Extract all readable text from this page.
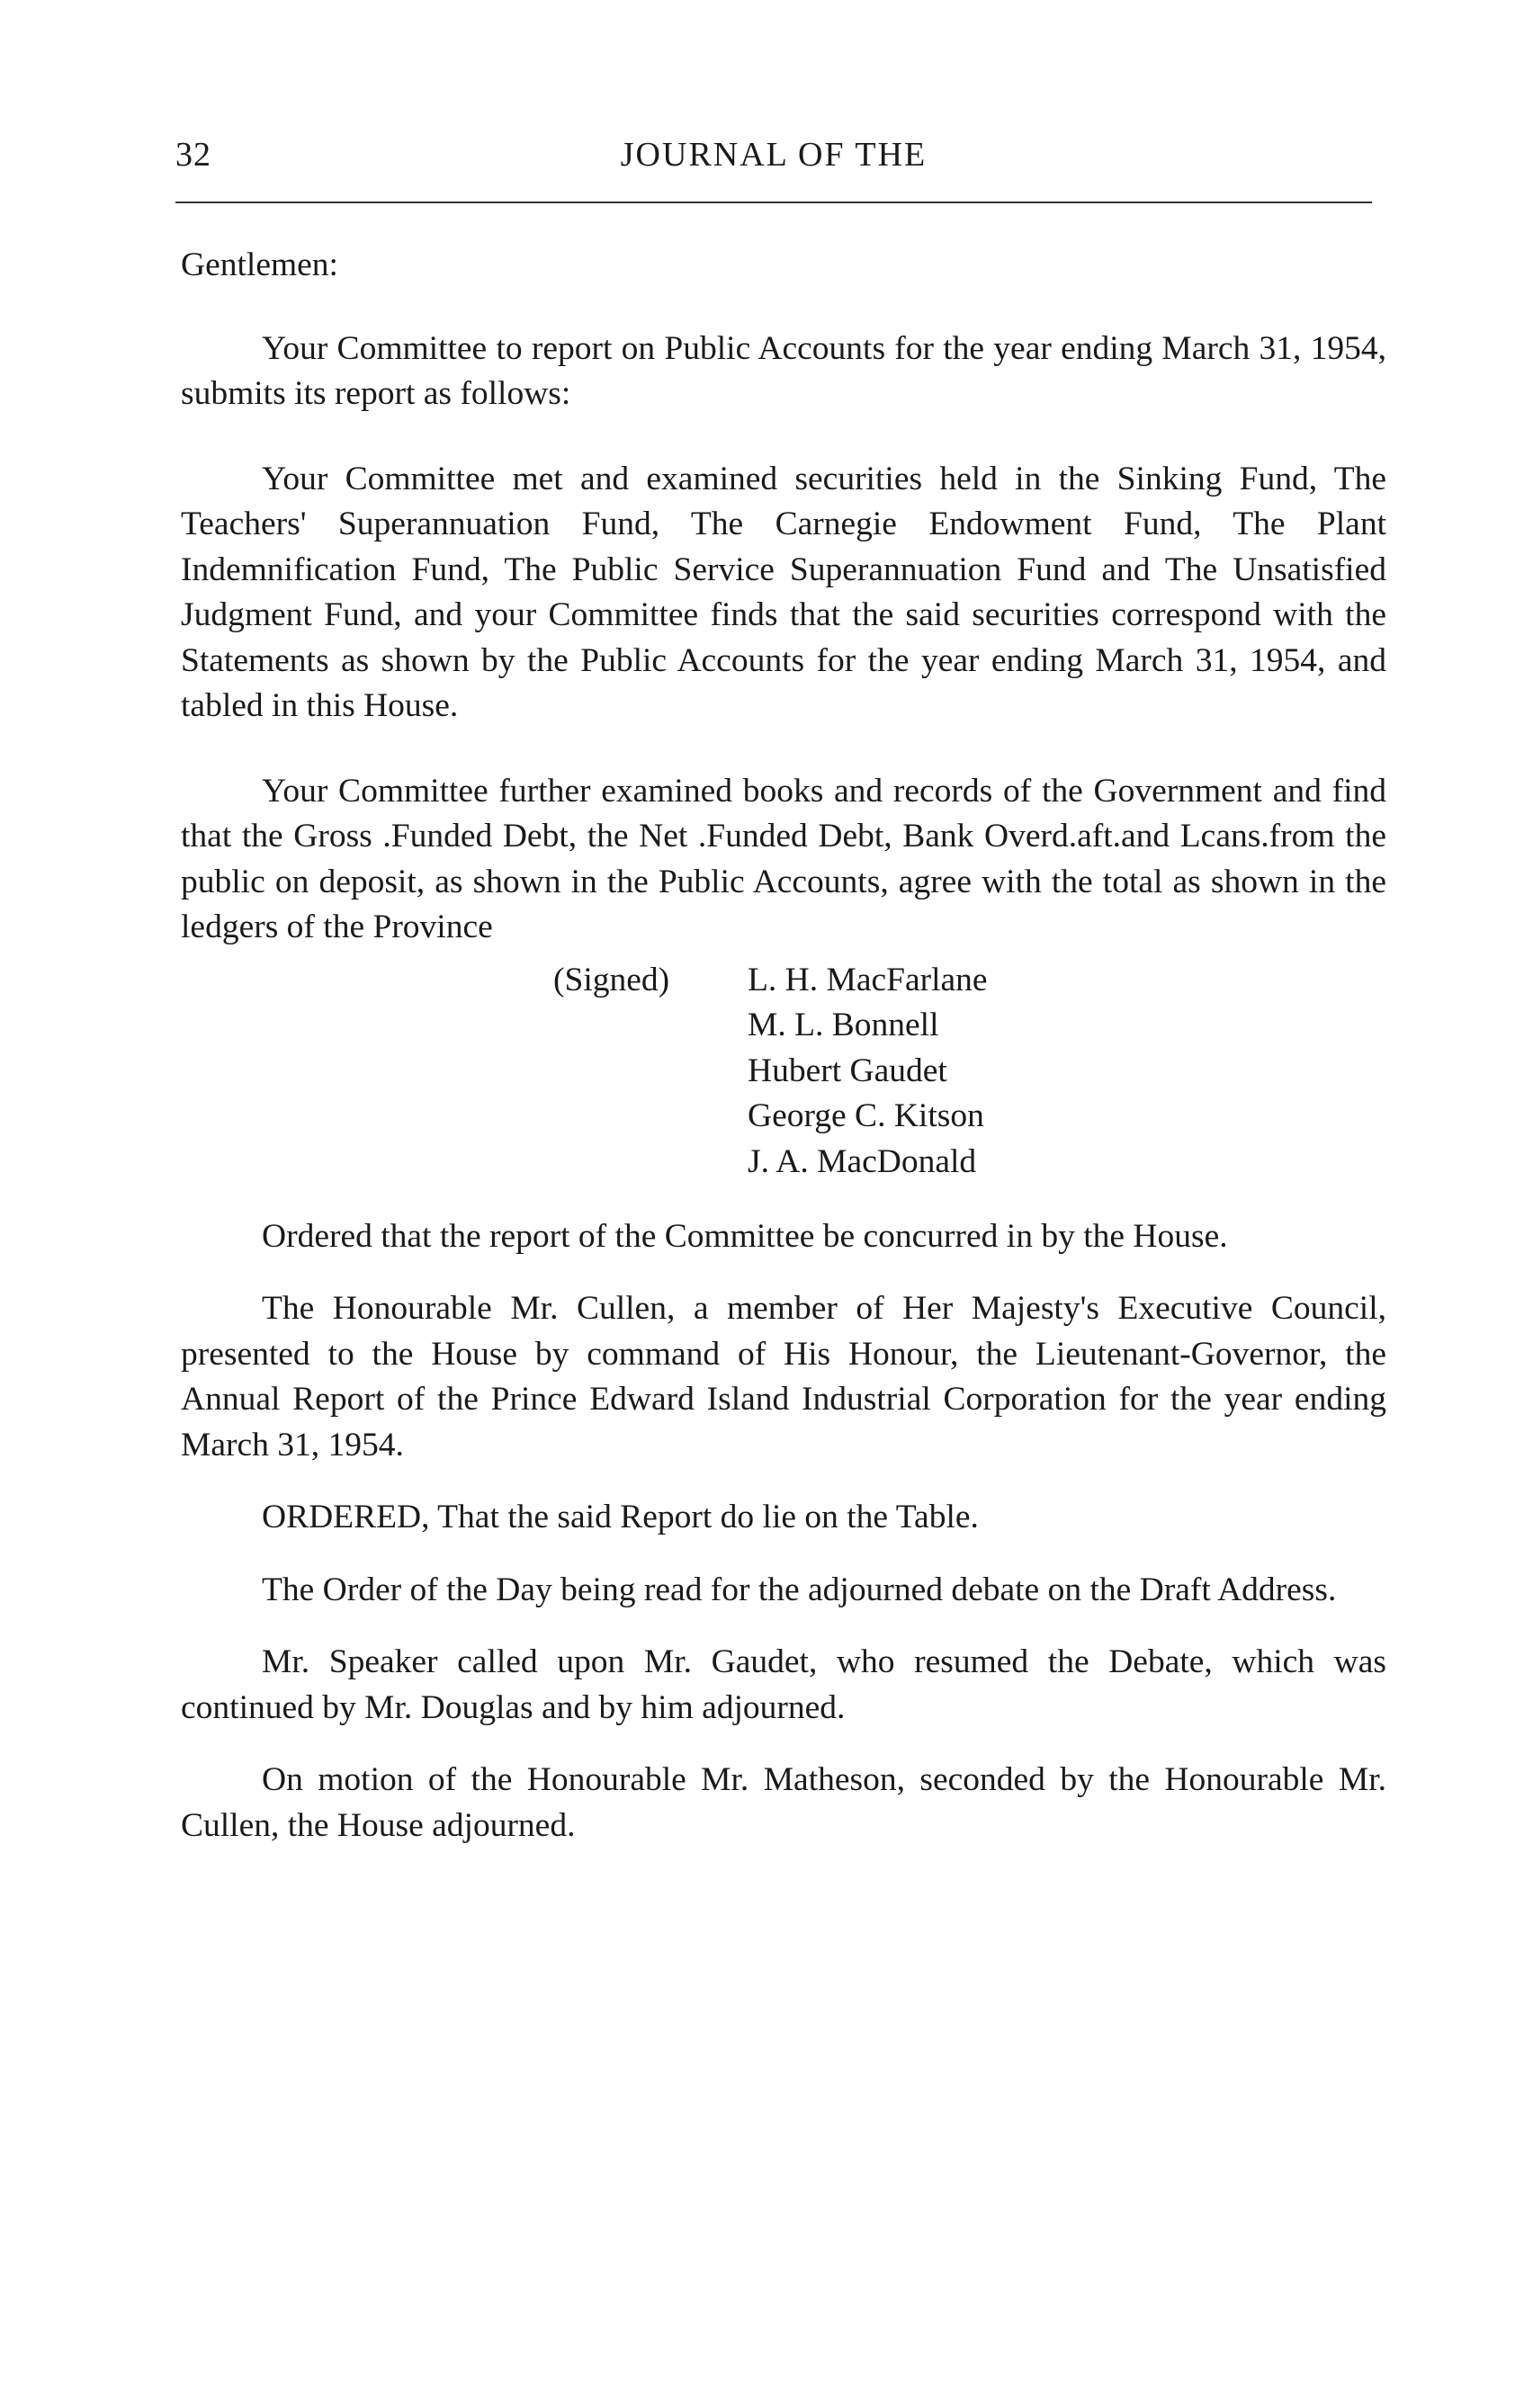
32	JOURNAL OF THE

Gentlemen:

Your Committee to report on Public Accounts for the year ending March 31, 1954, submits its report as follows:

Your Committee met and examined securities held in the Sinking Fund, The Teachers' Superannuation Fund, The Carnegie Endowment Fund, The Plant Indemnification Fund, The Public Service Superannuation Fund and The Unsatisfied Judgment Fund, and your Committee finds that the said securities correspond with the Statements as shown by the Public Accounts for the year ending March 31, 1954, and tabled in this House.

Your Committee further examined books and records of the Government and find that the Gross .Funded Debt, the Net .Funded Debt, Bank Overd.aft.and Lcans.from the public on deposit, as shown in the Public Accounts, agree with the total as shown in the ledgers of the Province

(Signed) L. H. MacFarlane
M. L. Bonnell
Hubert Gaudet
George C. Kitson
J. A. MacDonald

Ordered that the report of the Committee be concurred in by the House.

The Honourable Mr. Cullen, a member of Her Majesty's Executive Council, presented to the House by command of His Honour, the Lieutenant-Governor, the Annual Report of the Prince Edward Island Industrial Corporation for the year ending March 31, 1954.

ORDERED, That the said Report do lie on the Table.

The Order of the Day being read for the adjourned debate on the Draft Address.

Mr. Speaker called upon Mr. Gaudet, who resumed the Debate, which was continued by Mr. Douglas and by him adjourned.

On motion of the Honourable Mr. Matheson, seconded by the Honourable Mr. Cullen, the House adjourned.
